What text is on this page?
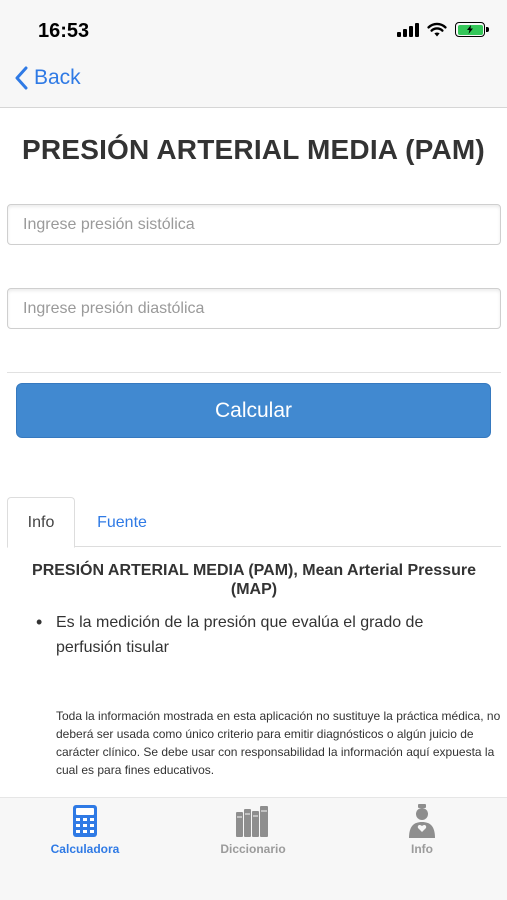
16:53
Back
PRESIÓN ARTERIAL MEDIA (PAM)
Ingrese presión sistólica
Ingrese presión diastólica
Calcular
Info	Fuente
PRESIÓN ARTERIAL MEDIA (PAM), Mean Arterial Pressure (MAP)
• Es la medición de la presión que evalúa el grado de perfusión tisular

Toda la información mostrada en esta aplicación no sustituye la práctica médica, no deberá ser usada como único criterio para emitir diagnósticos o algún juicio de carácter clínico. Se debe usar con responsabilidad la información aquí expuesta la cual es para fines educativos.

Calculadora	Diccionario	Info
